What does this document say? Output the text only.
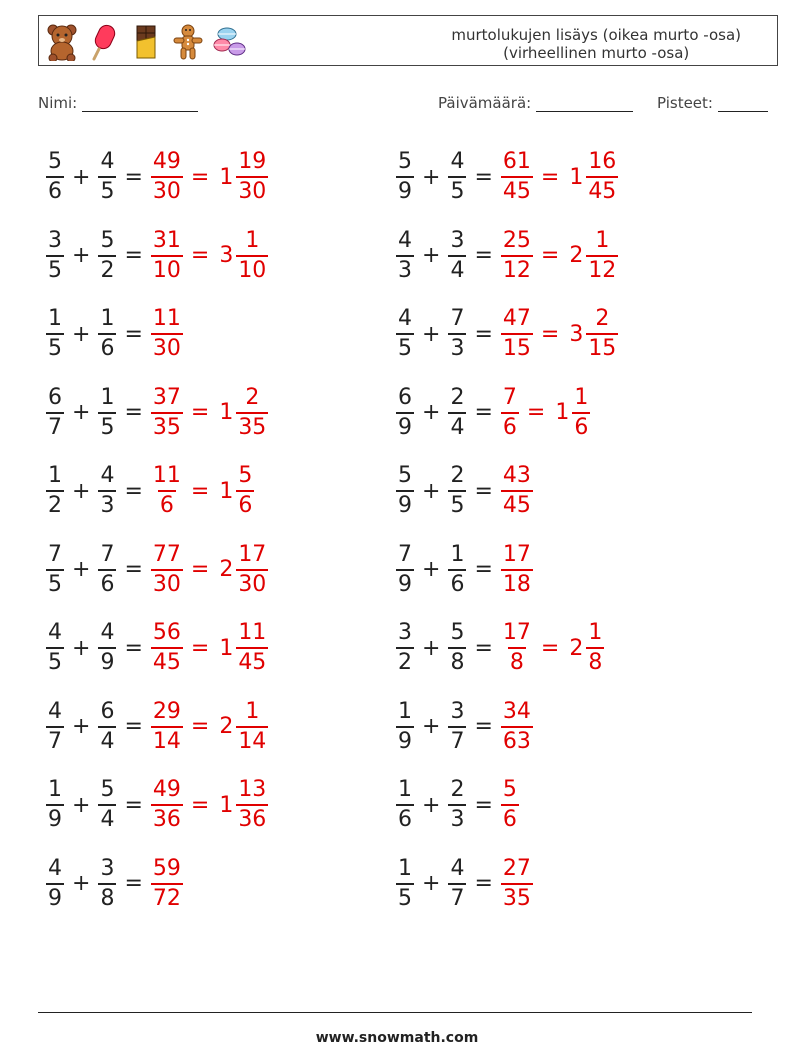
murtolukujen lisäys (oikea murto -osa)
(virheellinen murto -osa)
Nimi:	Päivämäärä:	Pisteet:
$\frac{5}{6} + \frac{4}{5} = \frac{49}{30} = 1 \frac{19}{30}$
$\frac{3}{5} + \frac{5}{2} = \frac{31}{10} = 3 \frac{1}{10}$
$\frac{1}{5} + \frac{1}{6} = \frac{11}{30}$
$\frac{6}{7} + \frac{1}{5} = \frac{37}{35} = 1 \frac{2}{35}$
$\frac{1}{2} + \frac{4}{3} = \frac{11}{6} = 1 \frac{5}{6}$
$\frac{7}{5} + \frac{7}{6} = \frac{77}{30} = 2 \frac{17}{30}$
$\frac{4}{5} + \frac{4}{9} = \frac{56}{45} = 1 \frac{11}{45}$
$\frac{4}{7} + \frac{6}{4} = \frac{29}{14} = 2 \frac{1}{14}$
$\frac{1}{9} + \frac{5}{4} = \frac{49}{36} = 1 \frac{13}{36}$
$\frac{4}{9} + \frac{3}{8} = \frac{59}{72}$
$\frac{5}{9} + \frac{4}{5} = \frac{61}{45} = 1 \frac{16}{45}$
$\frac{4}{3} + \frac{3}{4} = \frac{25}{12} = 2 \frac{1}{12}$
$\frac{4}{5} + \frac{7}{3} = \frac{47}{15} = 3 \frac{2}{15}$
$\frac{6}{9} + \frac{2}{4} = \frac{7}{6} = 1 \frac{1}{6}$
$\frac{5}{9} + \frac{2}{5} = \frac{43}{45}$
$\frac{7}{9} + \frac{1}{6} = \frac{17}{18}$
$\frac{3}{2} + \frac{5}{8} = \frac{17}{8} = 2 \frac{1}{8}$
$\frac{1}{9} + \frac{3}{7} = \frac{34}{63}$
$\frac{1}{6} + \frac{2}{3} = \frac{5}{6}$
$\frac{1}{5} + \frac{4}{7} = \frac{27}{35}$
www.snowmath.com
